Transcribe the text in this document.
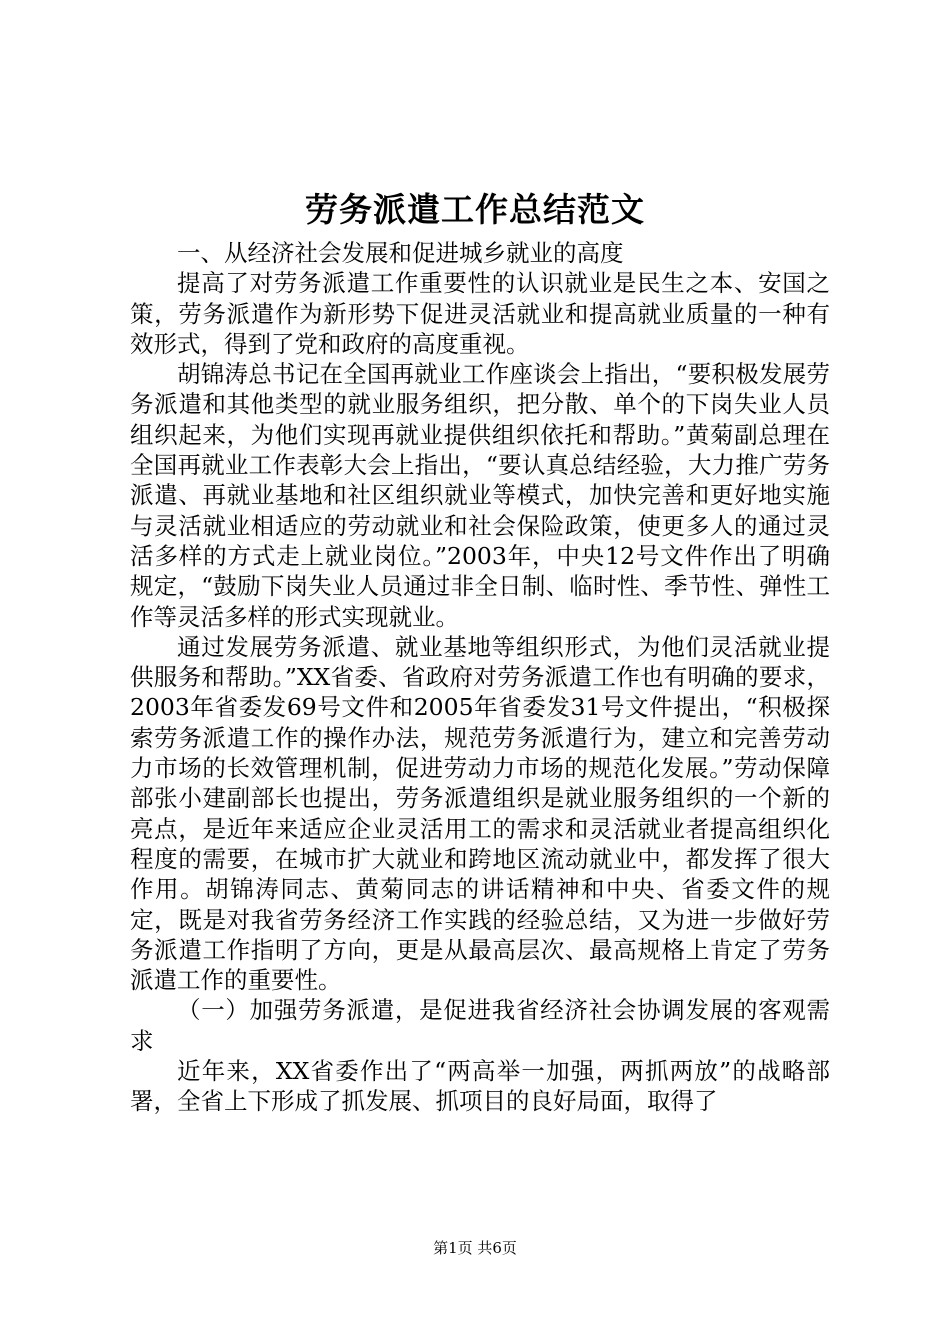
劳务派遣工作总结范文

一、从经济社会发展和促进城乡就业的高度

提高了对劳务派遣工作重要性的认识就业是民生之本、安国之策，劳务派遣作为新形势下促进灵活就业和提高就业质量的一种有效形式，得到了党和政府的高度重视。

胡锦涛总书记在全国再就业工作座谈会上指出，“要积极发展劳务派遣和其他类型的就业服务组织，把分散、单个的下岗失业人员组织起来，为他们实现再就业提供组织依托和帮助。”黄菊副总理在全国再就业工作表彰大会上指出，“要认真总结经验，大力推广劳务派遣、再就业基地和社区组织就业等模式，加快完善和更好地实施与灵活就业相适应的劳动就业和社会保险政策，使更多人的通过灵活多样的方式走上就业岗位。”2003年，中央12号文件作出了明确规定，“鼓励下岗失业人员通过非全日制、临时性、季节性、弹性工作等灵活多样的形式实现就业。

通过发展劳务派遣、就业基地等组织形式，为他们灵活就业提供服务和帮助。”XX省委、省政府对劳务派遣工作也有明确的要求，2003年省委发69号文件和2005年省委发31号文件提出，“积极探索劳务派遣工作的操作办法，规范劳务派遣行为，建立和完善劳动力市场的长效管理机制，促进劳动力市场的规范化发展。”劳动保障部张小建副部长也提出，劳务派遣组织是就业服务组织的一个新的亮点，是近年来适应企业灵活用工的需求和灵活就业者提高组织化程度的需要，在城市扩大就业和跨地区流动就业中，都发挥了很大作用。胡锦涛同志、黄菊同志的讲话精神和中央、省委文件的规定，既是对我省劳务经济工作实践的经验总结，又为进一步做好劳务派遣工作指明了方向，更是从最高层次、最高规格上肯定了劳务派遣工作的重要性。

（一）加强劳务派遣，是促进我省经济社会协调发展的客观需求

近年来，XX省委作出了“两高举一加强，两抓两放”的战略部署，全省上下形成了抓发展、抓项目的良好局面，取得了

第1页 共6页
